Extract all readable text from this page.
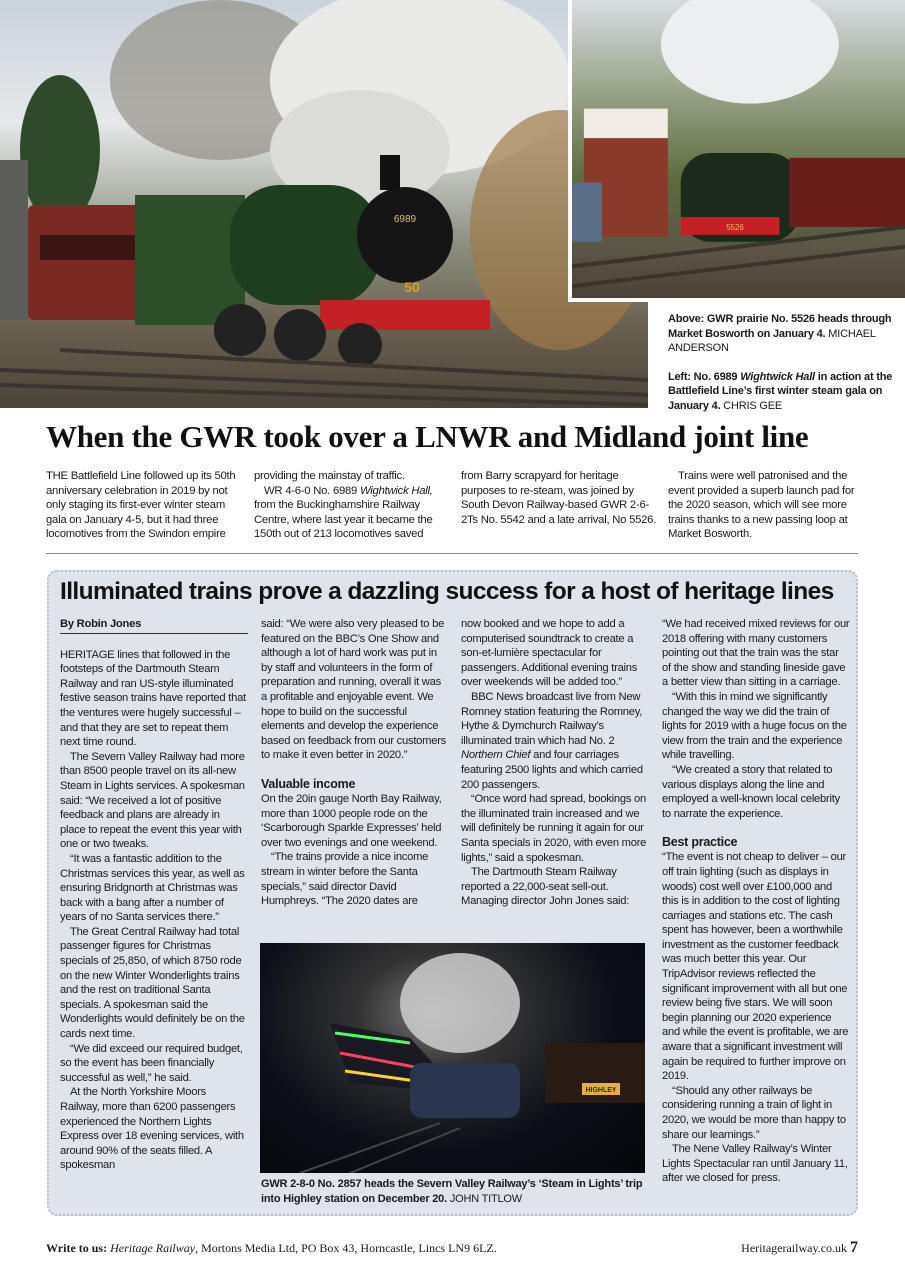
6989
50
5526

Above: GWR prairie No. 5526 heads through Market Bosworth on January 4. MICHAEL ANDERSON

Left: No. 6989 Wightwick Hall in action at the Battlefield Line’s first winter steam gala on January 4. CHRIS GEE

When the GWR took over a LNWR and Midland joint line

THE Battlefield Line followed up its 50th anniversary celebration in 2019 by not only staging its first-ever winter steam gala on January 4-5, but it had three locomotives from the Swindon empire

providing the mainstay of traffic.

WR 4-6-0 No. 6989 Wightwick Hall, from the Buckinghamshire Railway Centre, where last year it became the 150th out of 213 locomotives saved

from Barry scrapyard for heritage purposes to re-steam, was joined by South Devon Railway-based GWR 2-6-2Ts No. 5542 and a late arrival, No 5526.

Trains were well patronised and the event provided a superb launch pad for the 2020 season, which will see more trains thanks to a new passing loop at Market Bosworth.

Illuminated trains prove a dazzling success for a host of heritage lines

By Robin Jones

HERITAGE lines that followed in the footsteps of the Dartmouth Steam Railway and ran US-style illuminated festive season trains have reported that the ventures were hugely successful – and that they are set to repeat them next time round.

The Severn Valley Railway had more than 8500 people travel on its all-new Steam in Lights services. A spokesman said: “We received a lot of positive feedback and plans are already in place to repeat the event this year with one or two tweaks.

“It was a fantastic addition to the Christmas services this year, as well as ensuring Bridgnorth at Christmas was back with a bang after a number of years of no Santa services there.”

The Great Central Railway had total passenger figures for Christmas specials of 25,850, of which 8750 rode on the new Winter Wonderlights trains and the rest on traditional Santa specials. A spokesman said the Wonderlights would definitely be on the cards next time.

“We did exceed our required budget, so the event has been financially successful as well,” he said.

At the North Yorkshire Moors Railway, more than 6200 passengers experienced the Northern Lights Express over 18 evening services, with around 90% of the seats filled. A spokesman

said: “We were also very pleased to be featured on the BBC’s One Show and although a lot of hard work was put in by staff and volunteers in the form of preparation and running, overall it was a profitable and enjoyable event. We hope to build on the successful elements and develop the experience based on feedback from our customers to make it even better in 2020.”

Valuable income

On the 20in gauge North Bay Railway, more than 1000 people rode on the ‘Scarborough Sparkle Expresses’ held over two evenings and one weekend.

“The trains provide a nice income stream in winter before the Santa specials,” said director David Humphreys. “The 2020 dates are

now booked and we hope to add a computerised soundtrack to create a son-et-lumière spectacular for passengers. Additional evening trains over weekends will be added too.”

BBC News broadcast live from New Romney station featuring the Romney, Hythe & Dymchurch Railway’s illuminated train which had No. 2 Northern Chief and four carriages featuring 2500 lights and which carried 200 passengers.

“Once word had spread, bookings on the illuminated train increased and we will definitely be running it again for our Santa specials in 2020, with even more lights,” said a spokesman.

The Dartmouth Steam Railway reported a 22,000-seat sell-out. Managing director John Jones said:

“We had received mixed reviews for our 2018 offering with many customers pointing out that the train was the star of the show and standing lineside gave a better view than sitting in a carriage.

“With this in mind we significantly changed the way we did the train of lights for 2019 with a huge focus on the view from the train and the experience while travelling.

“We created a story that related to various displays along the line and employed a well-known local celebrity to narrate the experience.

Best practice

“The event is not cheap to deliver – our off train lighting (such as displays in woods) cost well over £100,000 and this is in addition to the cost of lighting carriages and stations etc. The cash spent has however, been a worthwhile investment as the customer feedback was much better this year. Our TripAdvisor reviews reflected the significant improvement with all but one review being five stars. We will soon begin planning our 2020 experience and while the event is profitable, we are aware that a significant investment will again be required to further improve on 2019.

“Should any other railways be considering running a train of light in 2020, we would be more than happy to share our learnings.”

The Nene Valley Railway’s Winter Lights Spectacular ran until January 11, after we closed for press.

HIGHLEY
GWR 2-8-0 No. 2857 heads the Severn Valley Railway’s ‘Steam in Lights’ trip into Highley station on December 20. JOHN TITLOW
Write to us: Heritage Railway, Mortons Media Ltd, PO Box 43, Horncastle, Lincs LN9 6LZ.	Heritagerailway.co.uk 7
